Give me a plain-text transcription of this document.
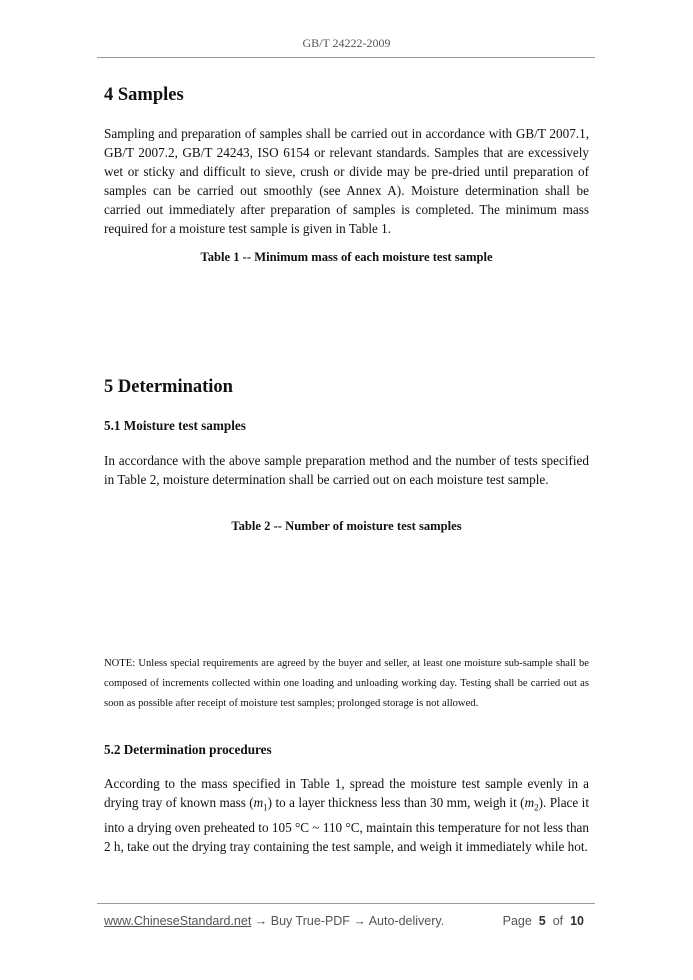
GB/T 24222-2009
4 Samples

Sampling and preparation of samples shall be carried out in accordance with GB/T 2007.1, GB/T 2007.2, GB/T 24243, ISO 6154 or relevant standards. Samples that are excessively wet or sticky and difficult to sieve, crush or divide may be pre-dried until preparation of samples can be carried out smoothly (see Annex A). Moisture determination shall be carried out immediately after preparation of samples is completed. The minimum mass required for a moisture test sample is given in Table 1.

Table 1 -- Minimum mass of each moisture test sample

5 Determination
5.1 Moisture test samples

In accordance with the above sample preparation method and the number of tests specified in Table 2, moisture determination shall be carried out on each moisture test sample.

Table 2 -- Number of moisture test samples

NOTE: Unless special requirements are agreed by the buyer and seller, at least one moisture sub-sample shall be composed of increments collected within one loading and unloading working day. Testing shall be carried out as soon as possible after receipt of moisture test samples; prolonged storage is not allowed.

5.2 Determination procedures

According to the mass specified in Table 1, spread the moisture test sample evenly in a drying tray of known mass $(m_1)$ to a layer thickness less than 30 mm, weigh it $(m_2)$. Place it into a drying oven preheated to 105 °C ~ 110 °C, maintain this temperature for not less than 2 h, take out the drying tray containing the test sample, and weigh it immediately while hot.

www.ChineseStandard.net → Buy True-PDF → Auto-delivery.	Page 5 of 10
